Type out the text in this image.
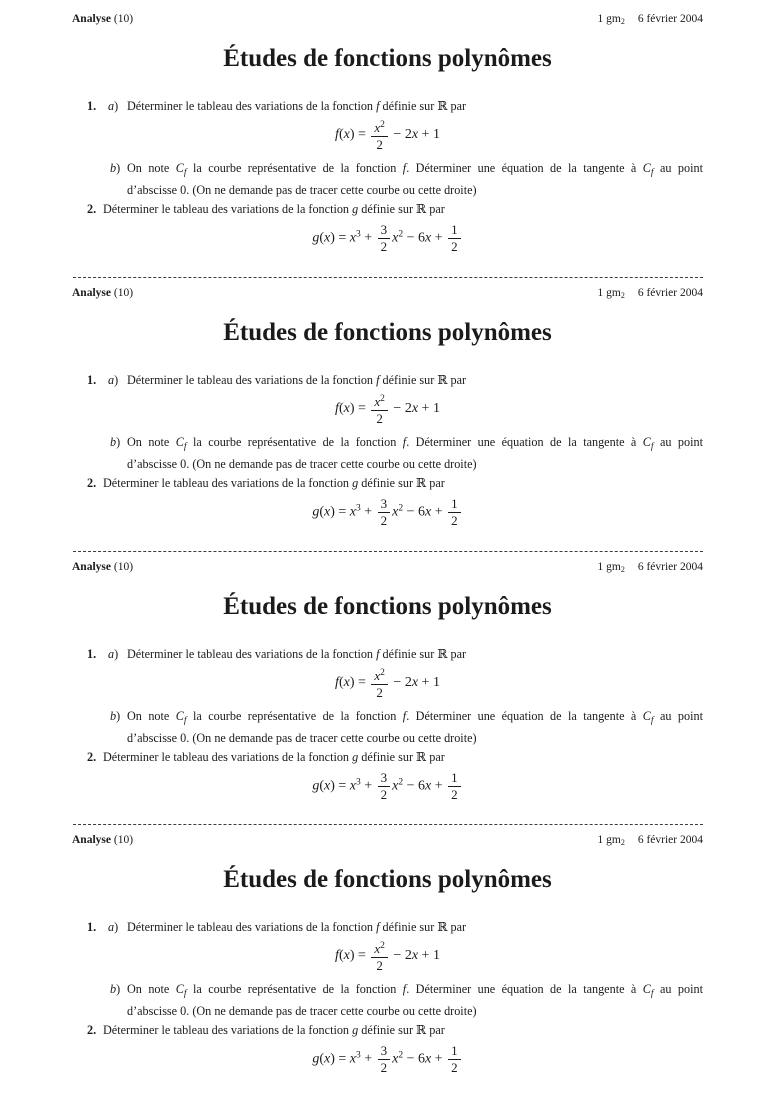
Analyse (10)	1 $gm_2$ 6 février 2004
Études de fonctions polynômes
1. a) Déterminer le tableau des variations de la fonction f définie sur ℝ par
$f(x) = \frac{x^2}{2} - 2x + 1$
b) On note $C_f$ la courbe représentative de la fonction f. Déterminer une équation de la tangente à $C_f$ au point
d’abscisse 0. (On ne demande pas de tracer cette courbe ou cette droite)
2. Déterminer le tableau des variations de la fonction g définie sur ℝ par
$g(x) = x^3 + \frac{3}{2} x^2 - 6x + \frac{1}{2}$
Analyse (10)	1 $gm_2$ 6 février 2004
Études de fonctions polynômes
1. a) Déterminer le tableau des variations de la fonction f définie sur ℝ par
$f(x) = \frac{x^2}{2} - 2x + 1$
b) On note $C_f$ la courbe représentative de la fonction f. Déterminer une équation de la tangente à $C_f$ au point
d’abscisse 0. (On ne demande pas de tracer cette courbe ou cette droite)
2. Déterminer le tableau des variations de la fonction g définie sur ℝ par
$g(x) = x^3 + \frac{3}{2} x^2 - 6x + \frac{1}{2}$
Analyse (10)	1 $gm_2$ 6 février 2004
Études de fonctions polynômes
1. a) Déterminer le tableau des variations de la fonction f définie sur ℝ par
$f(x) = \frac{x^2}{2} - 2x + 1$
b) On note $C_f$ la courbe représentative de la fonction f. Déterminer une équation de la tangente à $C_f$ au point
d’abscisse 0. (On ne demande pas de tracer cette courbe ou cette droite)
2. Déterminer le tableau des variations de la fonction g définie sur ℝ par
$g(x) = x^3 + \frac{3}{2} x^2 - 6x + \frac{1}{2}$
Analyse (10)	1 $gm_2$ 6 février 2004
Études de fonctions polynômes
1. a) Déterminer le tableau des variations de la fonction f définie sur ℝ par
$f(x) = \frac{x^2}{2} - 2x + 1$
b) On note $C_f$ la courbe représentative de la fonction f. Déterminer une équation de la tangente à $C_f$ au point
d’abscisse 0. (On ne demande pas de tracer cette courbe ou cette droite)
2. Déterminer le tableau des variations de la fonction g définie sur ℝ par
$g(x) = x^3 + \frac{3}{2} x^2 - 6x + \frac{1}{2}$
